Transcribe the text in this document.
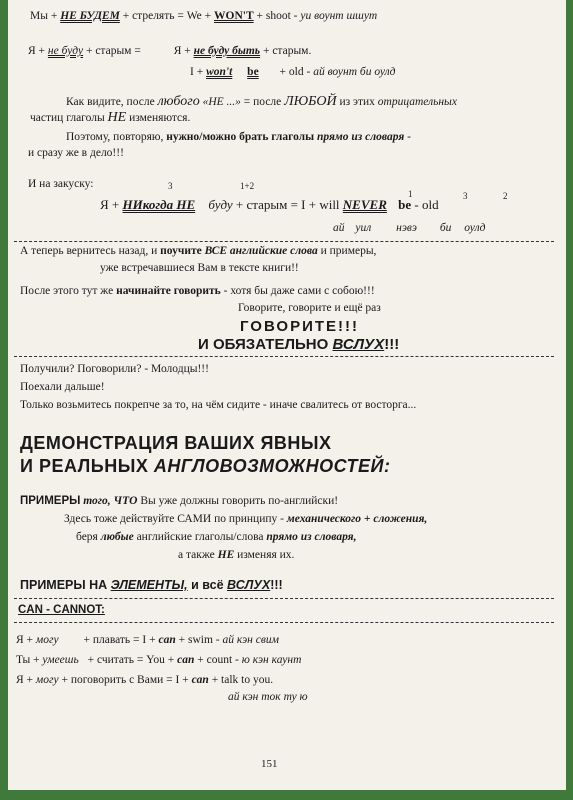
Мы + НЕ БУДЕМ + стрелять = We + WON'T + shoot - уи воунт шшут
Я + не буду + старым =	Я + не буду быть + старым.
I + won't be + old - ай воунт би оулд
Как видите, после любого «НЕ ...» = после ЛЮБОЙ из этих отрицательных
частиц глаголы НЕ изменяются.
Поэтому, повторяю, нужно/можно брать глаголы прямо из словаря -
и сразу же в дело!!!
3	1+2
1	3	2
И на закуску:
Я + НИкогда НЕ буду + старым = I + will NEVER be - old
ай уил нэвэ би оулд
А теперь вернитесь назад, и поучите ВСЕ английские слова и примеры,
уже встречавшиеся Вам в тексте книги!!
После этого тут же начинайте говорить - хотя бы даже сами с собою!!!
Говорите, говорите и ещё раз
ГОВОРИТЕ!!!
И ОБЯЗАТЕЛЬНО ВСЛУХ!!!
Получили? Поговорили? - Молодцы!!!
Поехали дальше!
Только возьмитесь покрепче за то, на чём сидите - иначе свалитесь от восторга...
ДЕМОНСТРАЦИЯ ВАШИХ ЯВНЫХ
И РЕАЛЬНЫХ АНГЛОВОЗМОЖНОСТЕЙ:
ПРИМЕРЫ того, ЧТО Вы уже должны говорить по-английски!
Здесь тоже действуйте САМИ по принципу - механического + сложения,
беря любые английские глаголы/слова прямо из словаря,
а также НЕ изменяя их.
ПРИМЕРЫ НА ЭЛЕМЕНТЫ, и всё ВСЛУХ!!!
CAN - CANNOT:
Я + могу + плавать = I + can + swim - ай кэн свим
Ты + умеешь + считать = You + can + count - ю кэн каунт
Я + могу + поговорить с Вами = I + can + talk to you.
ай кэн ток ту ю
151
